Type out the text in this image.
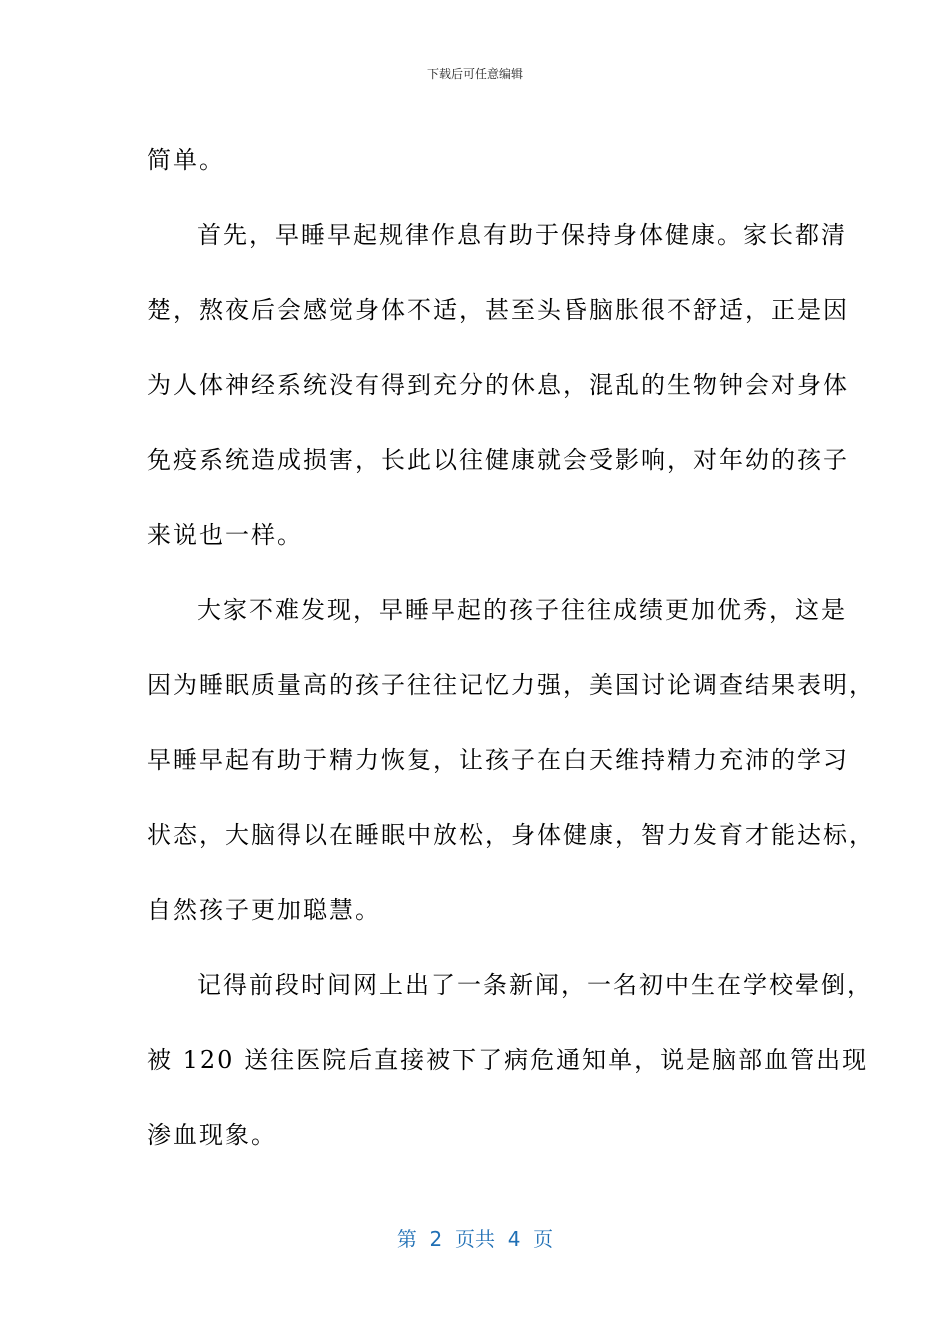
下载后可任意编辑

简单。

首先，早睡早起规律作息有助于保持身体健康。家长都清
楚，熬夜后会感觉身体不适，甚至头昏脑胀很不舒适，正是因
为人体神经系统没有得到充分的休息，混乱的生物钟会对身体
免疫系统造成损害，长此以往健康就会受影响，对年幼的孩子
来说也一样。

大家不难发现，早睡早起的孩子往往成绩更加优秀，这是
因为睡眠质量高的孩子往往记忆力强，美国讨论调查结果表明，
早睡早起有助于精力恢复，让孩子在白天维持精力充沛的学习
状态，大脑得以在睡眠中放松，身体健康，智力发育才能达标，
自然孩子更加聪慧。

记得前段时间网上出了一条新闻，一名初中生在学校晕倒，
被 120 送往医院后直接被下了病危通知单，说是脑部血管出现
渗血现象。

第  2  页共  4  页
